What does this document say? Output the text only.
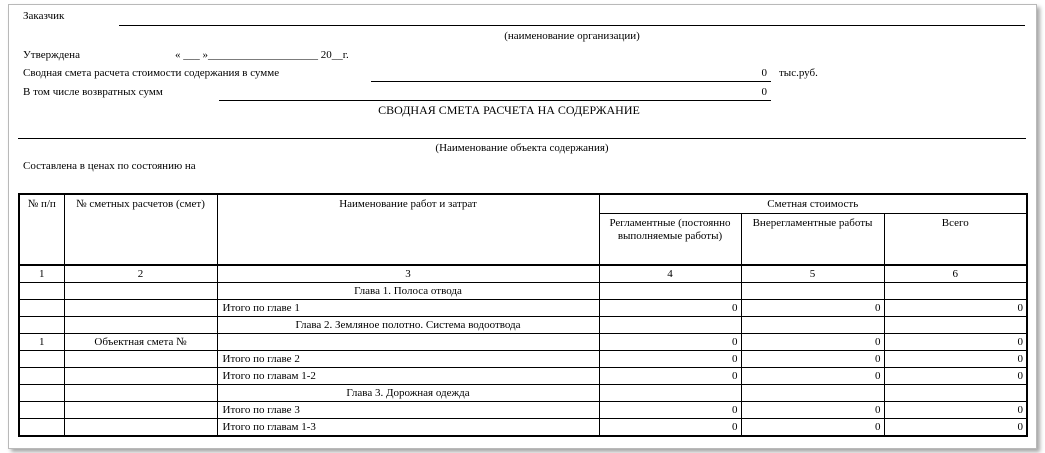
Заказчик
(наименование организации)
Утверждена	« ___ »____________________ 20__г.
Сводная смета расчета стоимости содержания в сумме	0 тыс.руб.
В том числе возвратных сумм	0
СВОДНАЯ СМЕТА РАСЧЕТА НА СОДЕРЖАНИЕ
(Наименование объекта содержания)
Составлена в ценах по состоянию на
№ п/п	№ сметных расчетов (смет)	Наименование работ и затрат	Сметная стоимость		
			Регламентные (постоянно выполняемые работы)	Внерегламентные работы	Всего
1	2	3	4	5	6
		Глава 1. Полоса отвода			
		Итого по главе 1	0	0	0
		Глава 2. Земляное полотно. Система водоотвода			
1	Объектная смета №		0	0	0
		Итого по главе 2	0	0	0
		Итого по главам 1-2	0	0	0
		Глава 3. Дорожная одежда			
		Итого по главе 3	0	0	0
		Итого по главам 1-3	0	0	0
